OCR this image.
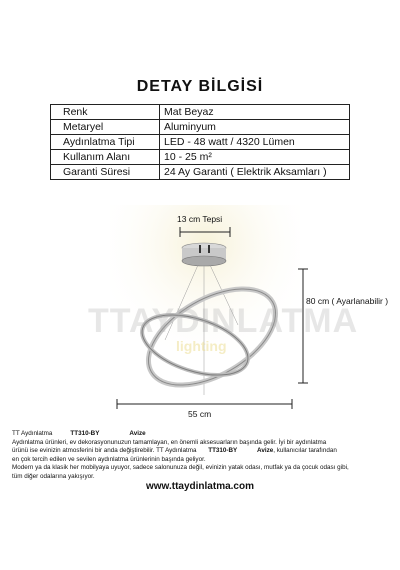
DETAY BİLGİSİ
Renk	Mat Beyaz
Metaryel	Aluminyum
Aydınlatma Tipi	LED - 48 watt / 4320 Lümen
Kullanım Alanı	10 - 25 m²
Garanti Süresi	24 Ay Garanti ( Elektrik Aksamları )
TTAYDINLATMA
lighting
13 cm Tepsi
80 cm ( Ayarlanabilir )
55 cm

TT Aydınlatma	TT310-BY	Avize

Aydınlatma ürünleri, ev dekorasyonunuzun tamamlayan, en önemli aksesuarların başında gelir. İyi bir aydınlatma

ürünü ise evinizin atmosferini bir anda değiştirebilir. TT Aydınlatma TT310-BY	Avize, kullanıcılar tarafından

en çok tercih edilen ve sevilen aydınlatma ürünlerinin başında geliyor.

Modern ya da klasik her mobilyaya uyuyor, sadece salonunuza değil, evinizin yatak odası, mutfak ya da çocuk odası gibi,

tüm diğer odalarına yakışıyor.

www.ttaydinlatma.com
